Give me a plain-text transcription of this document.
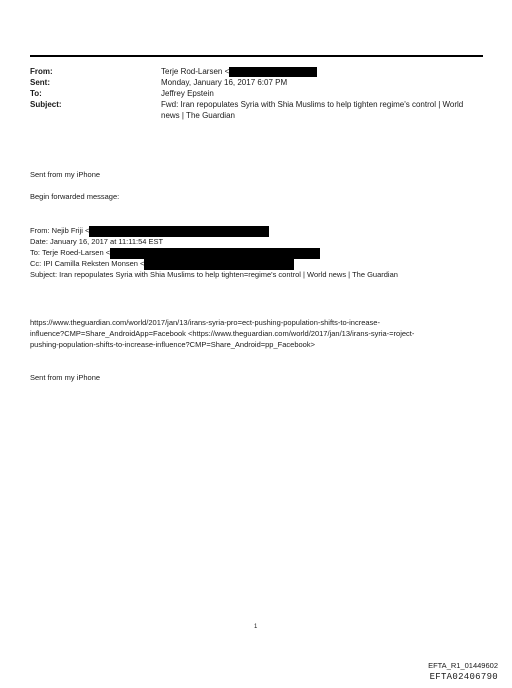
From:	Terje Rod-Larsen <
Sent:	Monday, January 16, 2017 6:07 PM
To:	Jeffrey Epstein
Subject:	Fwd: Iran repopulates Syria with Shia Muslims to help tighten regime's control | World
news | The Guardian
Sent from my iPhone
Begin forwarded message:
From: Nejib Friji <
Date: January 16, 2017 at 11:11:54 EST
To: Terje Roed-Larsen <
Cc: IPI Camilla Reksten Monsen <
Subject: Iran repopulates Syria with Shia Muslims to help tighten=regime's control | World news | The Guardian
https://www.theguardian.com/world/2017/jan/13/irans-syria-pro=ect-pushing-population-shifts-to-increase-
influence?CMP=Share_AndroidApp=Facebook <https://www.theguardian.com/world/2017/jan/13/irans-syria-=roject-
pushing-population-shifts-to-increase-influence?CMP=Share_Android=pp_Facebook>
Sent from my iPhone
1
EFTA_R1_01449602
EFTA02406790
